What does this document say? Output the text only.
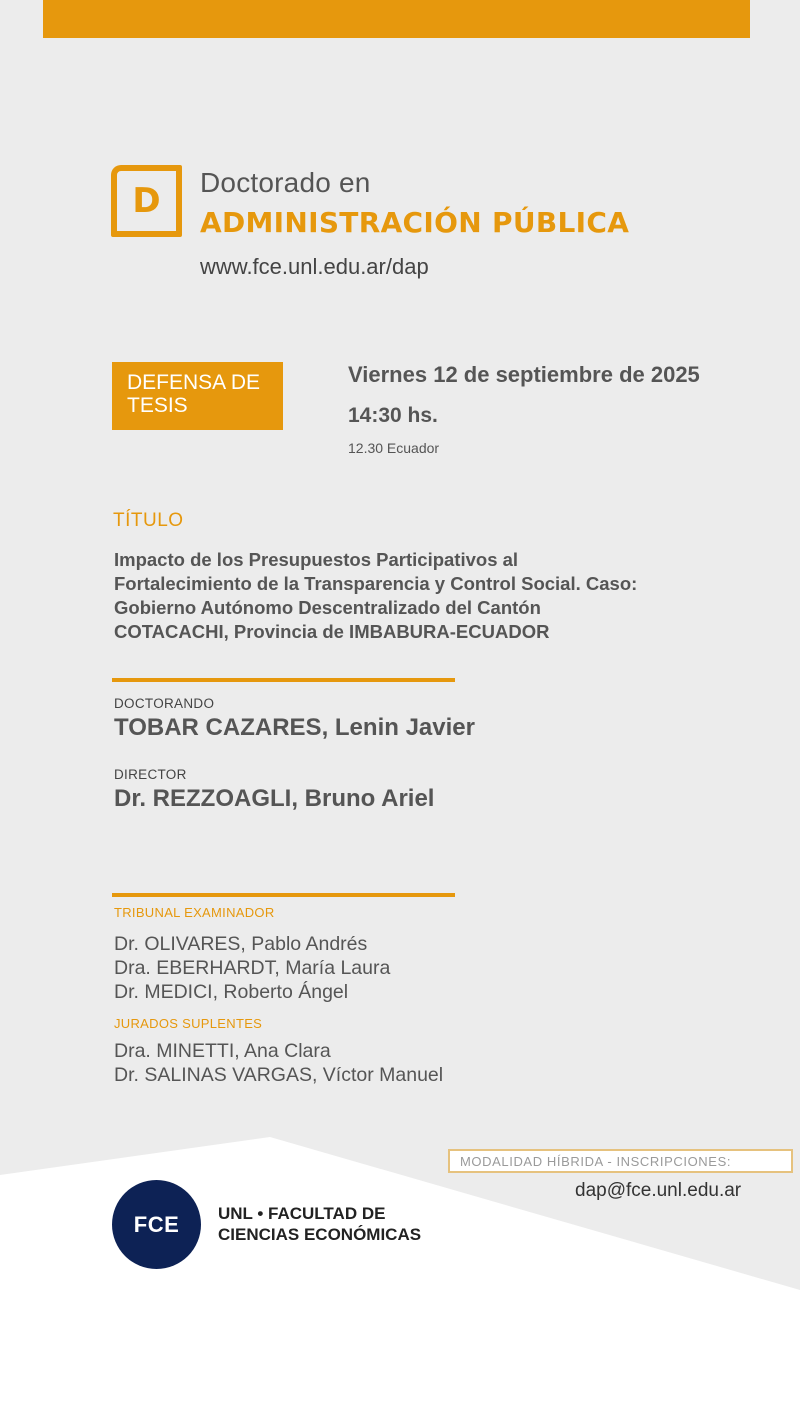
D Doctorado en
ADMINISTRACIÓN PÚBLICA
www.fce.unl.edu.ar/dap
DEFENSA DE TESIS
Viernes 12 de septiembre de 2025
14:30 hs.
12.30 Ecuador
TÍTULO
Impacto de los Presupuestos Participativos al
Fortalecimiento de la Transparencia y Control Social. Caso:
Gobierno Autónomo Descentralizado del Cantón
COTACACHI, Provincia de IMBABURA-ECUADOR
DOCTORANDO
TOBAR CAZARES, Lenin Javier
DIRECTOR
Dr. REZZOAGLI, Bruno Ariel
TRIBUNAL EXAMINADOR
Dr. OLIVARES, Pablo Andrés
Dra. EBERHARDT, María Laura
Dr. MEDICI, Roberto Ángel
JURADOS SUPLENTES
Dra. MINETTI, Ana Clara
Dr. SALINAS VARGAS, Víctor Manuel
MODALIDAD HÍBRIDA - INSCRIPCIONES:
dap@fce.unl.edu.ar
FCE	UNL • FACULTAD DE
CIENCIAS ECONÓMICAS
